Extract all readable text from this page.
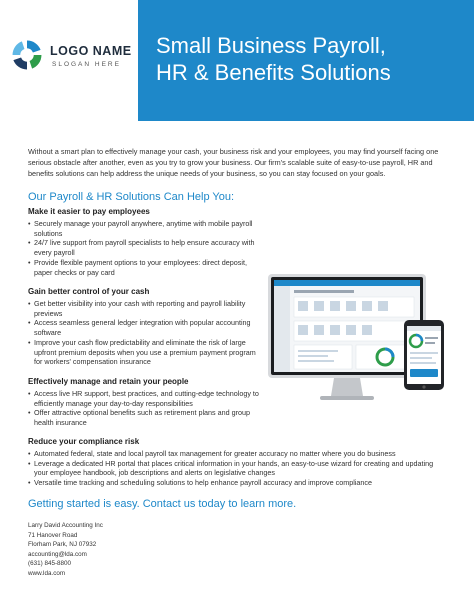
LOGO NAME
SLOGAN HERE
Small Business Payroll,
HR & Benefits Solutions

Without a smart plan to effectively manage your cash, your business risk and your employees, you may find yourself facing one serious obstacle after another, even as you try to grow your business. Our firm's scalable suite of easy-to-use payroll, HR and benefits solutions can help address the unique needs of your business, so you can stay focused on your goals.

Our Payroll & HR Solutions Can Help You:
Make it easier to pay employees
• Securely manage your payroll anywhere, anytime with mobile payroll solutions
• 24/7 live support from payroll specialists to help ensure accuracy with every payroll
• Provide flexible payment options to your employees: direct deposit, paper checks or pay card
Gain better control of your cash
• Get better visibility into your cash with reporting and payroll liability previews
• Access seamless general ledger integration with popular accounting software
• Improve your cash flow predictability and eliminate the risk of large upfront premium deposits when you use a premium payment program for workers' compensation insurance
Effectively manage and retain your people
• Access live HR support, best practices, and cutting-edge technology to efficiently manage your day-to-day responsibilities
• Offer attractive optional benefits such as retirement plans and group health insurance
Reduce your compliance risk
• Automated federal, state and local payroll tax management for greater accuracy no matter where you do business
• Leverage a dedicated HR portal that places critical information in your hands, an easy-to-use wizard for creating and updating your employee handbook, job descriptions and alerts on legislative changes
• Versatile time tracking and scheduling solutions to help enhance payroll accuracy and improve compliance
Getting started is easy. Contact us today to learn more.
Larry David Accounting Inc
71 Hanover Road
Florham Park, NJ 07932
accounting@lda.com
(631) 845-8800
www.lda.com
